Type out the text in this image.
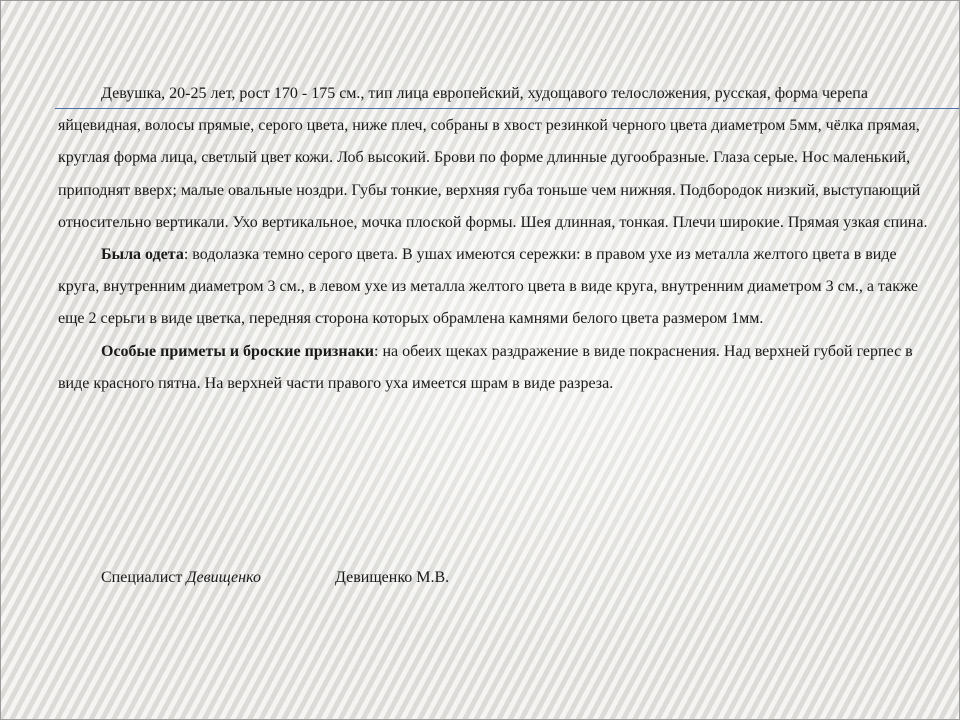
Девушка, 20-25 лет, рост 170 - 175 см., тип лица европейский, худощавого телосложения, русская, форма черепа яйцевидная, волосы прямые, серого цвета, ниже плеч, собраны в хвост резинкой черного цвета диаметром 5мм, чёлка прямая, круглая форма лица, светлый цвет кожи. Лоб высокий. Брови по форме длинные дугообразные. Глаза серые. Нос маленький, приподнят вверх; малые овальные ноздри. Губы тонкие, верхняя губа тоньше чем нижняя. Подбородок низкий, выступающий относительно вертикали. Ухо вертикальное, мочка плоской формы. Шея длинная, тонкая. Плечи широкие. Прямая узкая спина.

Была одета: водолазка темно серого цвета. В ушах имеются сережки: в правом ухе из металла желтого цвета в виде круга, внутренним диаметром 3 см., в левом ухе из металла желтого цвета в виде круга, внутренним диаметром 3 см., а также еще 2 серьги в виде цветка, передняя сторона которых обрамлена камнями белого цвета размером 1мм.

Особые приметы и броские признаки: на обеих щеках раздражение в виде покраснения. Над верхней губой герпес в виде красного пятна. На верхней части правого уха имеется шрам в виде разреза.

Специалист Девищенко	Девищенко М.В.
